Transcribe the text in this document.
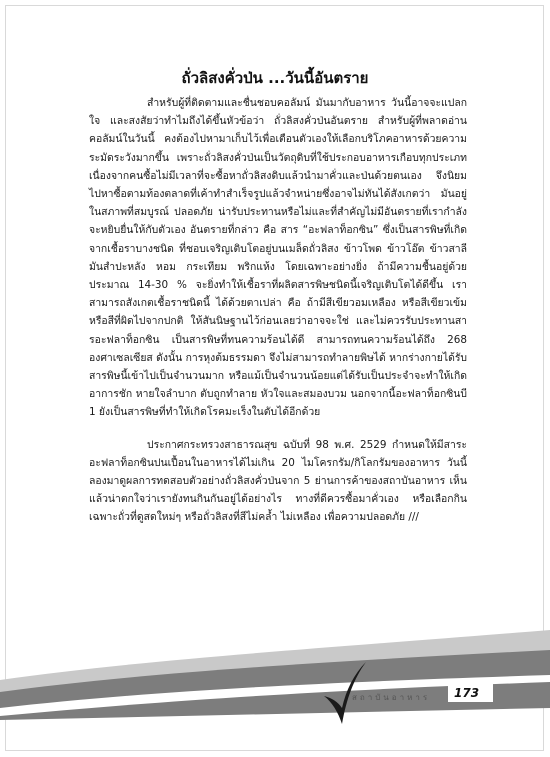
ถั่วลิสงคั่วป่น ...วันนี้อันตราย

สำหรับผู้ที่ติดตามและชื่นชอบคอลัมน์ มันมากับอาหาร วันนี้อาจจะแปลกใจ และสงสัยว่าทำไมถึงได้ขึ้นหัวข้อว่า ถั่วลิสงคั่วป่นอันตราย สำหรับผู้ที่พลาดอ่านคอลัมน์ในวันนี้ คงต้องไปหามาเก็บไว้เพื่อเตือนตัวเองให้เลือกบริโภคอาหารด้วยความระมัดระวังมากขึ้น เพราะถั่วลิสงคั่วป่นเป็นวัตถุดิบที่ใช้ประกอบอาหารเกือบทุกประเภทเนื่องจากคนซื้อไม่มีเวลาที่จะซื้อหาถั่วลิสงดิบแล้วนำมาคั่วและป่นด้วยตนเอง จึงนิยมไปหาซื้อตามท้องตลาดที่เค้าทำสำเร็จรูปแล้วจำหน่ายซึ่งอาจไม่ทันได้สังเกตว่า มันอยู่ในสภาพที่สมบูรณ์ ปลอดภัย น่ารับประทานหรือไม่และที่สำคัญไม่มีอันตรายที่เรากำลังจะหยิบยื่นให้กับตัวเอง อันตรายที่กล่าว คือ สาร “อะฟลาท็อกซิน” ซึ่งเป็นสารพิษที่เกิดจากเชื้อราบางชนิด ที่ชอบเจริญเติบโตอยู่บนเมล็ดถั่วลิสง ข้าวโพด ข้าวโอ๊ต ข้าวสาลี มันสำปะหลัง หอม กระเทียม พริกแห้ง โดยเฉพาะอย่างยิ่ง ถ้ามีความชื้นอยู่ด้วยประมาณ 14-30 % จะยิ่งทำให้เชื้อราที่ผลิตสารพิษชนิดนี้เจริญเติบโตได้ดีขึ้น เราสามารถสังเกตเชื้อราชนิดนี้ ได้ด้วยตาเปล่า คือ ถ้ามีสีเขียวอมเหลือง หรือสีเขียวเข้มหรือสีที่ผิดไปจากปกติ ให้สันนิษฐานไว้ก่อนเลยว่าอาจจะใช่ และไม่ควรรับประทานสารอะฟลาท็อกซิน เป็นสารพิษที่ทนความร้อนได้ดี สามารถทนความร้อนได้ถึง 268 องศาเซลเซียส ดังนั้น การหุงต้มธรรมดา จึงไม่สามารถทำลายพิษได้ หากร่างกายได้รับสารพิษนี้เข้าไปเป็นจำนวนมาก หรือแม้เป็นจำนวนน้อยแต่ได้รับเป็นประจำจะทำให้เกิดอาการชัก หายใจลำบาก ตับถูกทำลาย หัวใจและสมองบวม นอกจากนี้อะฟลาท็อกซินบี 1 ยังเป็นสารพิษที่ทำให้เกิดโรคมะเร็งในตับได้อีกด้วย

ประกาศกระทรวงสาธารณสุข ฉบับที่ 98 พ.ศ. 2529 กำหนดให้มีสาระอะฟลาท็อกซินปนเปื้อนในอาหารได้ไม่เกิน 20 ไมโครกรัม/กิโลกรัมของอาหาร วันนี้ลองมาดูผลการทดสอบตัวอย่างถั่วลิสงคั่วป่นจาก 5 ย่านการค้าของสถาบันอาหาร เห็นแล้วน่าตกใจว่าเรายังทนกินกันอยู่ได้อย่างไร ทางที่ดีควรซื้อมาคั่วเอง หรือเลือกกินเฉพาะถั่วที่ดูสดใหม่ๆ หรือถั่วลิสงที่สีไม่คล้ำ ไม่เหลือง เพื่อความปลอดภัย ///

สถาบันอาหาร 173
